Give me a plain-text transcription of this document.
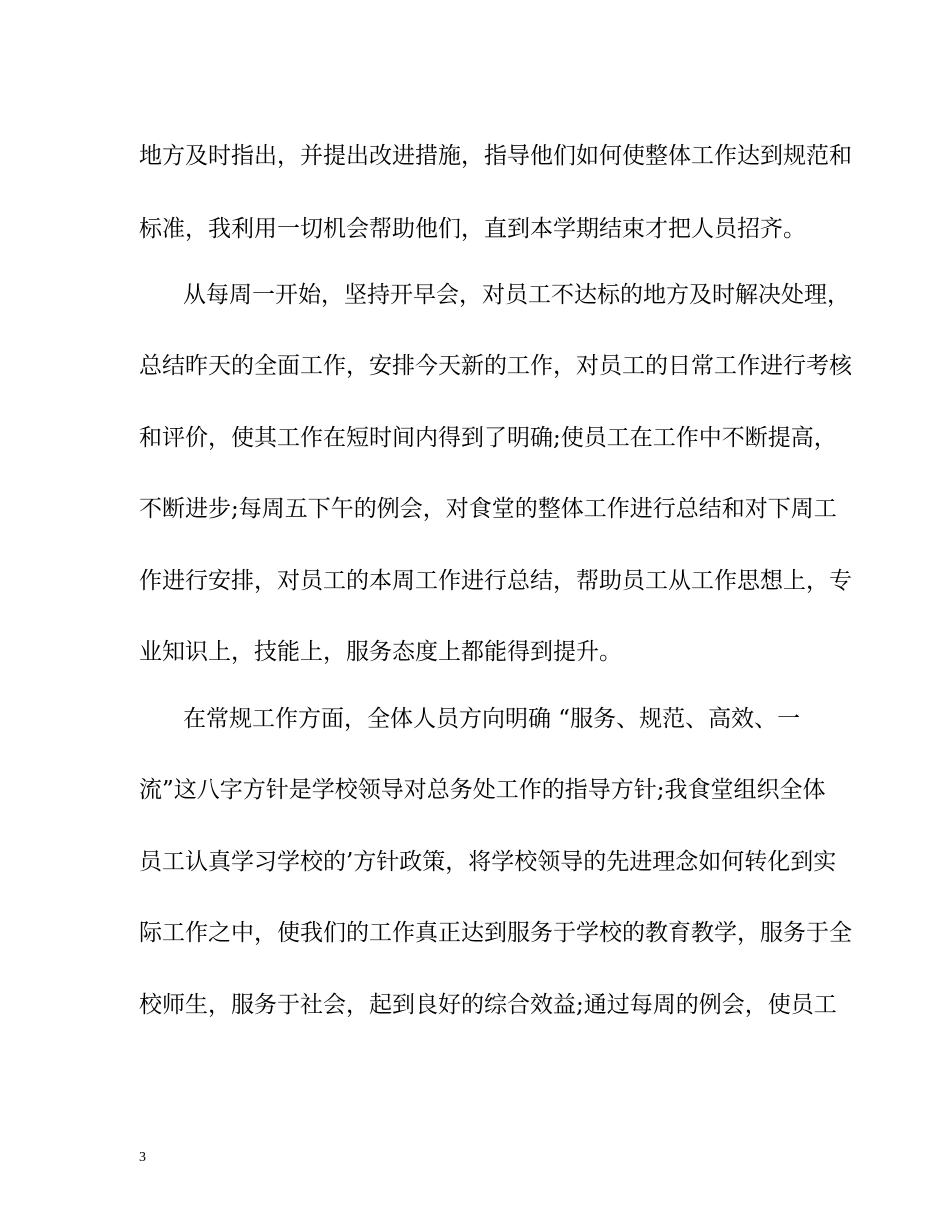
地方及时指出，并提出改进措施，指导他们如何使整体工作达到规范和
标准，我利用一切机会帮助他们，直到本学期结束才把人员招齐。
从每周一开始，坚持开早会，对员工不达标的地方及时解决处理，
总结昨天的全面工作，安排今天新的工作，对员工的日常工作进行考核
和评价，使其工作在短时间内得到了明确;使员工在工作中不断提高，
不断进步;每周五下午的例会，对食堂的整体工作进行总结和对下周工
作进行安排，对员工的本周工作进行总结，帮助员工从工作思想上，专
业知识上，技能上，服务态度上都能得到提升。
在常规工作方面，全体人员方向明确 “服务、规范、高效、一
流”这八字方针是学校领导对总务处工作的指导方针;我食堂组织全体
员工认真学习学校的’方针政策，将学校领导的先进理念如何转化到实
际工作之中，使我们的工作真正达到服务于学校的教育教学，服务于全
校师生，服务于社会，起到良好的综合效益;通过每周的例会，使员工
3
